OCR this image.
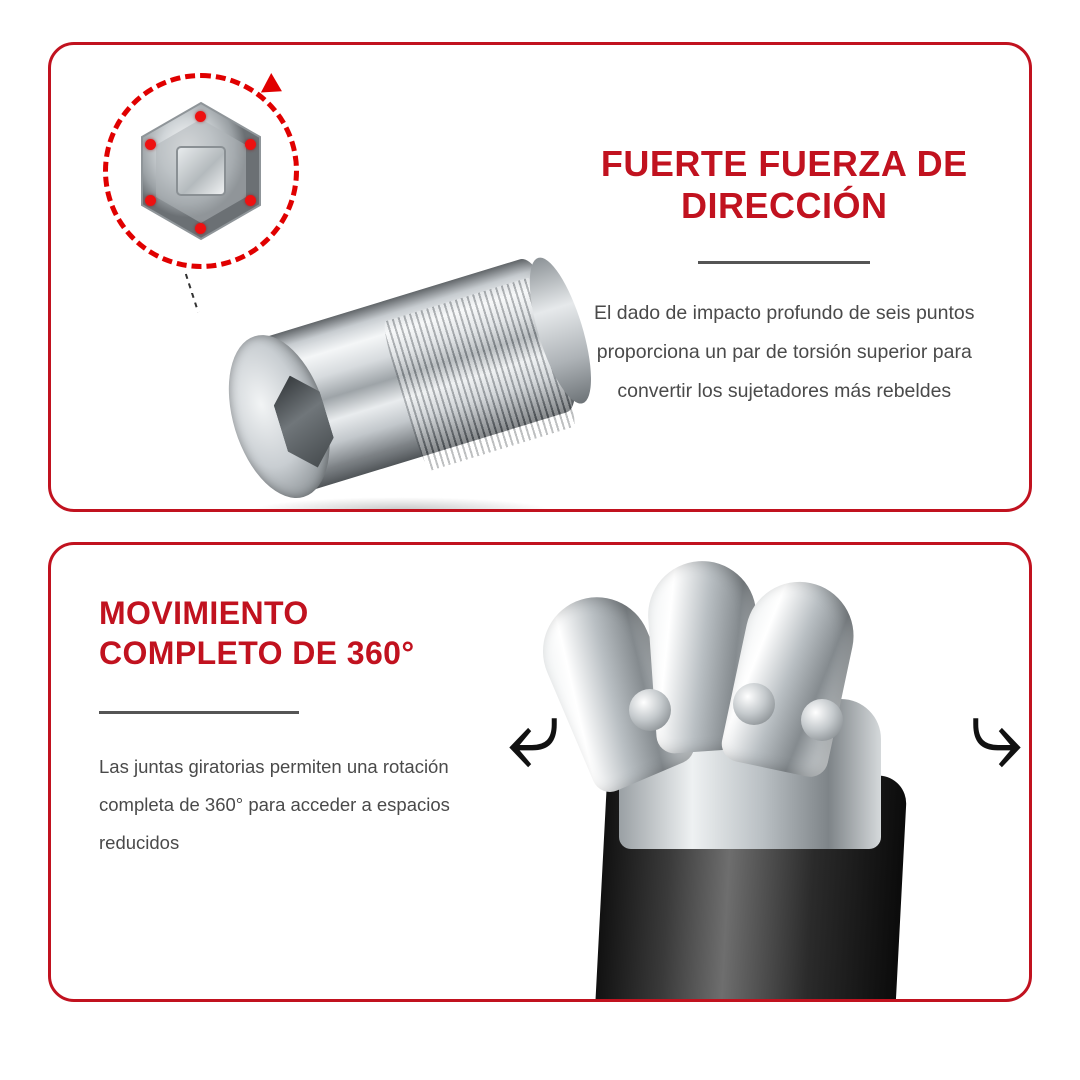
FUERTE FUERZA DE
DIRECCIÓN

El dado de impacto profundo de seis puntos proporciona un par de torsión superior para convertir los sujetadores más rebeldes

MOVIMIENTO
COMPLETO DE 360°

Las juntas giratorias permiten una rotación completa de 360° para acceder a espacios reducidos

⤷	⤷
